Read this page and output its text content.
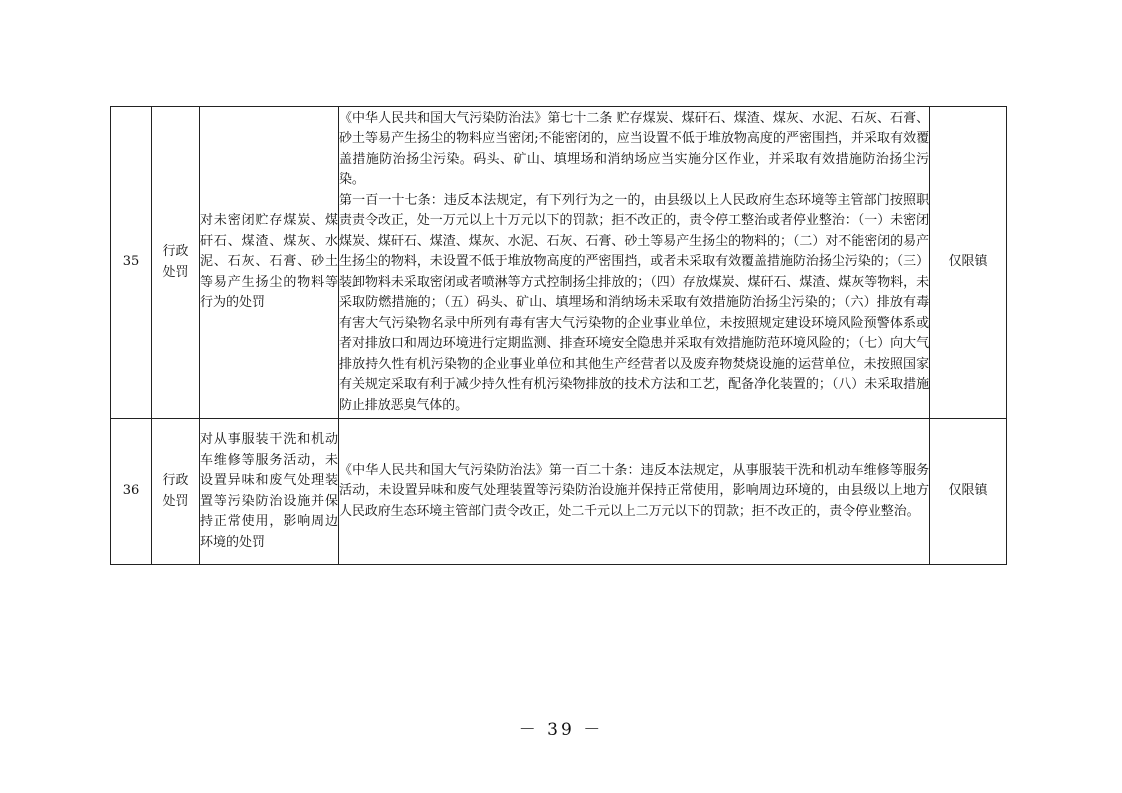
35	行政处罚	对未密闭贮存煤炭、煤矸石、煤渣、煤灰、水泥、石灰、石膏、砂土等易产生扬尘的物料等行为的处罚	《中华人民共和国大气污染防治法》第七十二条 贮存煤炭、煤矸石、煤渣、煤灰、水泥、石灰、石膏、砂土等易产生扬尘的物料应当密闭;不能密闭的，应当设置不低于堆放物高度的严密围挡，并采取有效覆盖措施防治扬尘污染。码头、矿山、填埋场和消纳场应当实施分区作业，并采取有效措施防治扬尘污染。

第一百一十七条：违反本法规定，有下列行为之一的，由县级以上人民政府生态环境等主管部门按照职责责令改正，处一万元以上十万元以下的罚款；拒不改正的，责令停工整治或者停业整治：（一）未密闭煤炭、煤矸石、煤渣、煤灰、水泥、石灰、石膏、砂土等易产生扬尘的物料的；（二）对不能密闭的易产生扬尘的物料，未设置不低于堆放物高度的严密围挡，或者未采取有效覆盖措施防治扬尘污染的；（三）装卸物料未采取密闭或者喷淋等方式控制扬尘排放的；（四）存放煤炭、煤矸石、煤渣、煤灰等物料，未采取防燃措施的；（五）码头、矿山、填埋场和消纳场未采取有效措施防治扬尘污染的；（六）排放有毒有害大气污染物名录中所列有毒有害大气污染物的企业事业单位，未按照规定建设环境风险预警体系或者对排放口和周边环境进行定期监测、排查环境安全隐患并采取有效措施防范环境风险的；（七）向大气排放持久性有机污染物的企业事业单位和其他生产经营者以及废弃物焚烧设施的运营单位，未按照国家有关规定采取有利于减少持久性有机污染物排放的技术方法和工艺，配备净化装置的；（八）未采取措施防止排放恶臭气体的。	仅限镇
36	行政处罚	对从事服装干洗和机动车维修等服务活动，未设置异味和废气处理装置等污染防治设施并保持正常使用，影响周边环境的处罚	《中华人民共和国大气污染防治法》第一百二十条：违反本法规定，从事服装干洗和机动车维修等服务活动，未设置异味和废气处理装置等污染防治设施并保持正常使用，影响周边环境的，由县级以上地方人民政府生态环境主管部门责令改正，处二千元以上二万元以下的罚款；拒不改正的，责令停业整治。	仅限镇
－ 39 －
